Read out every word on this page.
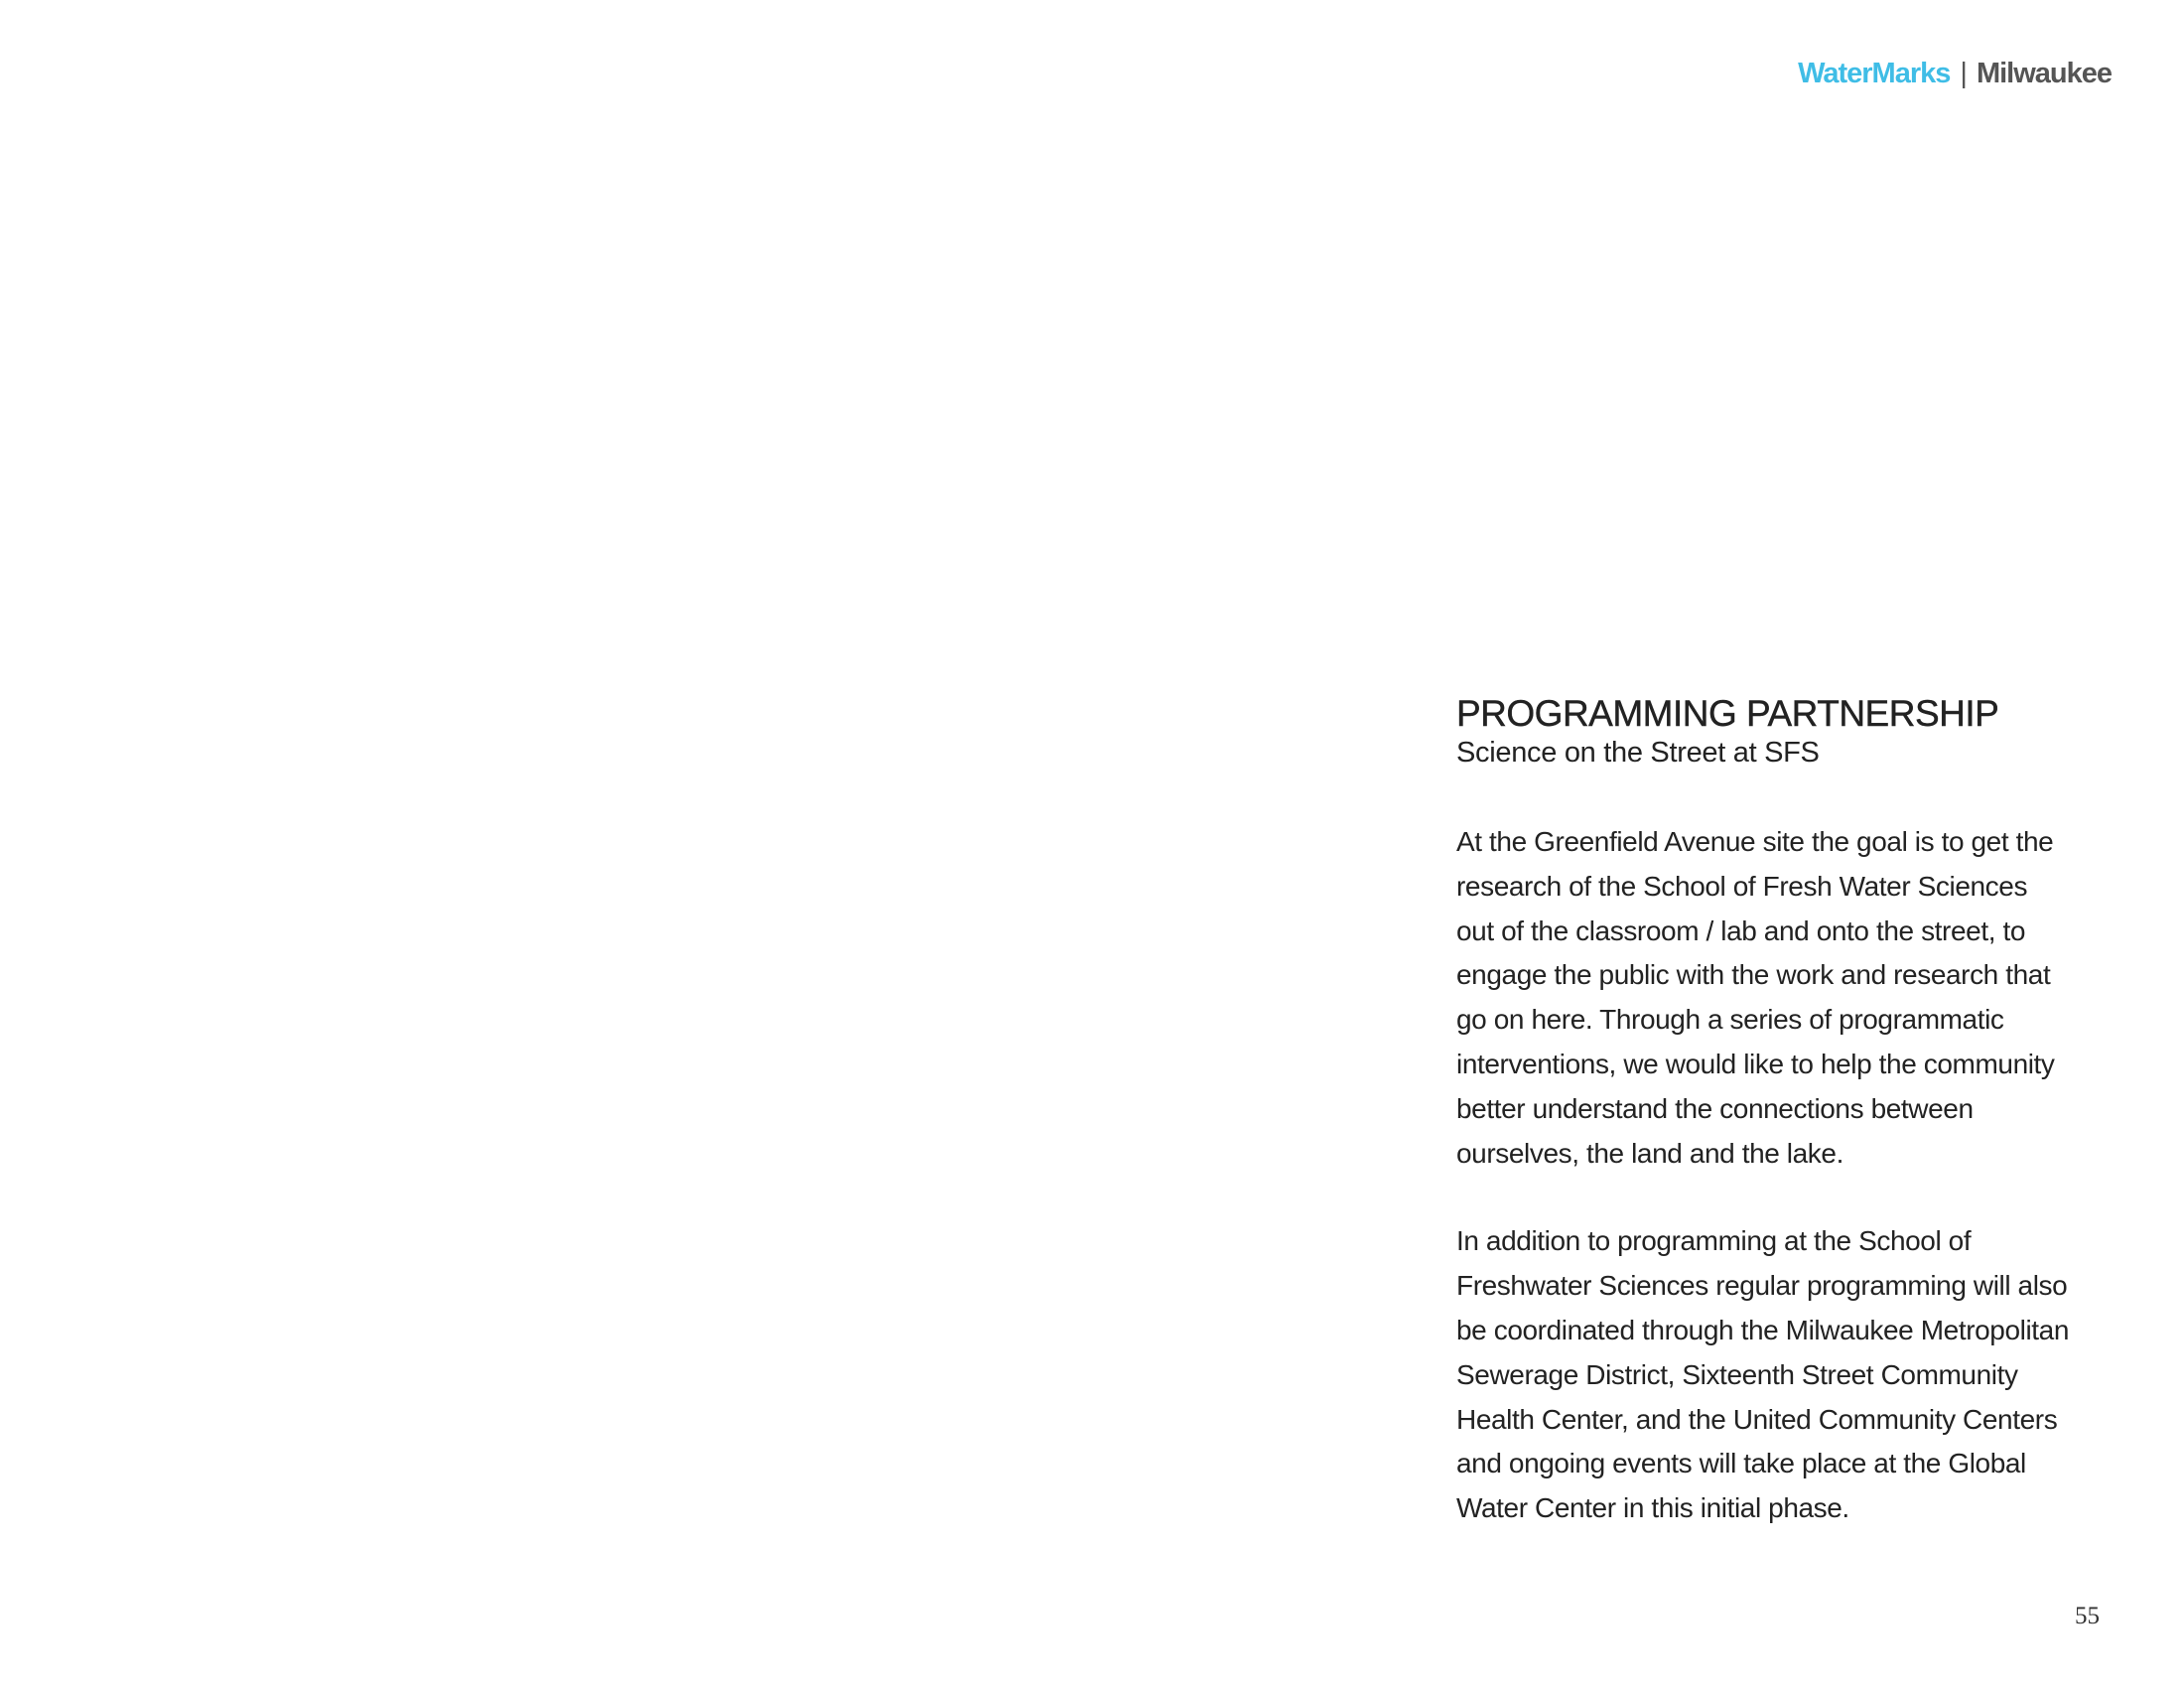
WaterMarks | Milwaukee
PROGRAMMING PARTNERSHIP

Science on the Street at SFS

At the Greenfield Avenue site the goal is to get the
research of the School of Fresh Water Sciences
out of the classroom / lab and onto the street, to
engage the public with the work and research that
go on here. Through a series of programmatic
interventions, we would like to help the community
better understand the connections between
ourselves, the land and the lake.

In addition to programming at the School of
Freshwater Sciences regular programming will also
be coordinated through the Milwaukee Metropolitan
Sewerage District, Sixteenth Street Community
Health Center, and the United Community Centers
and ongoing events will take place at the Global
Water Center in this initial phase.

55
